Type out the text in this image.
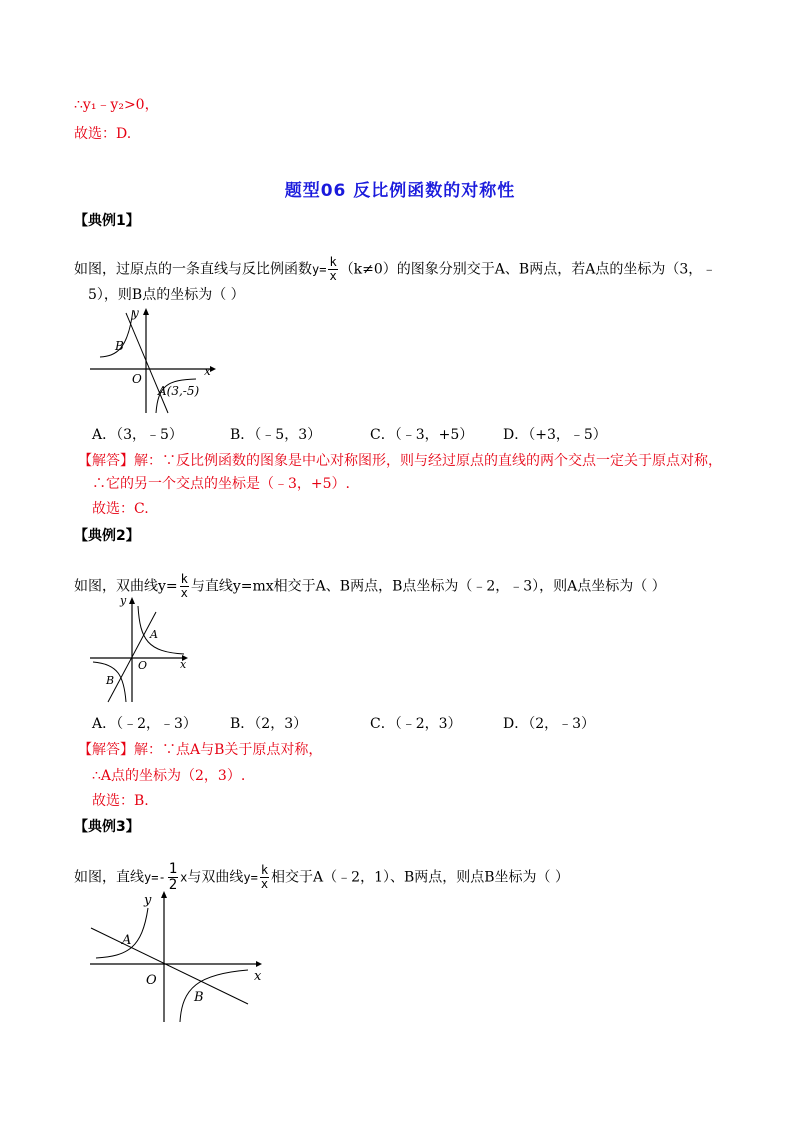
∴y₁﹣y₂>0，
故选：D.
题型06 反比例函数的对称性
【典例1】
如图，过原点的一条直线与反比例函数$y= \frac{k}{x} (k\ne 0)$的图象分别交于A、B两点，若A点的坐标为（3，﹣
5），则B点的坐标为（ ）
y
x
O
B
A(3,-5)
A．（3，﹣5）	B．（﹣5，3）	C．（﹣3，+5） D．（+3，﹣5）
【解答】解：∵反比例函数的图象是中心对称图形，则与经过原点的直线的两个交点一定关于原点对称，
∴它的另一个交点的坐标是（﹣3，+5）.
故选：C.
【典例2】
如图，双曲线$y= \frac{k}{x}$ 与直线y=mx相交于A、B两点，B点坐标为（﹣2，﹣3），则A点坐标为（ ）
y
x
O
A
B
A．（﹣2，﹣3） B．（2，3）	C．（﹣2，3）	D．（2，﹣3）
【解答】解：∵点A与B关于原点对称，
∴A点的坐标为（2，3）.
故选：B.
【典例3】
如图，直线$y=- \frac{1}{2}$ x与双曲线$y= \frac{k}{x}$ 相交于A（﹣2，1）、B两点，则点B坐标为（ ）
y
x
O
A
B
